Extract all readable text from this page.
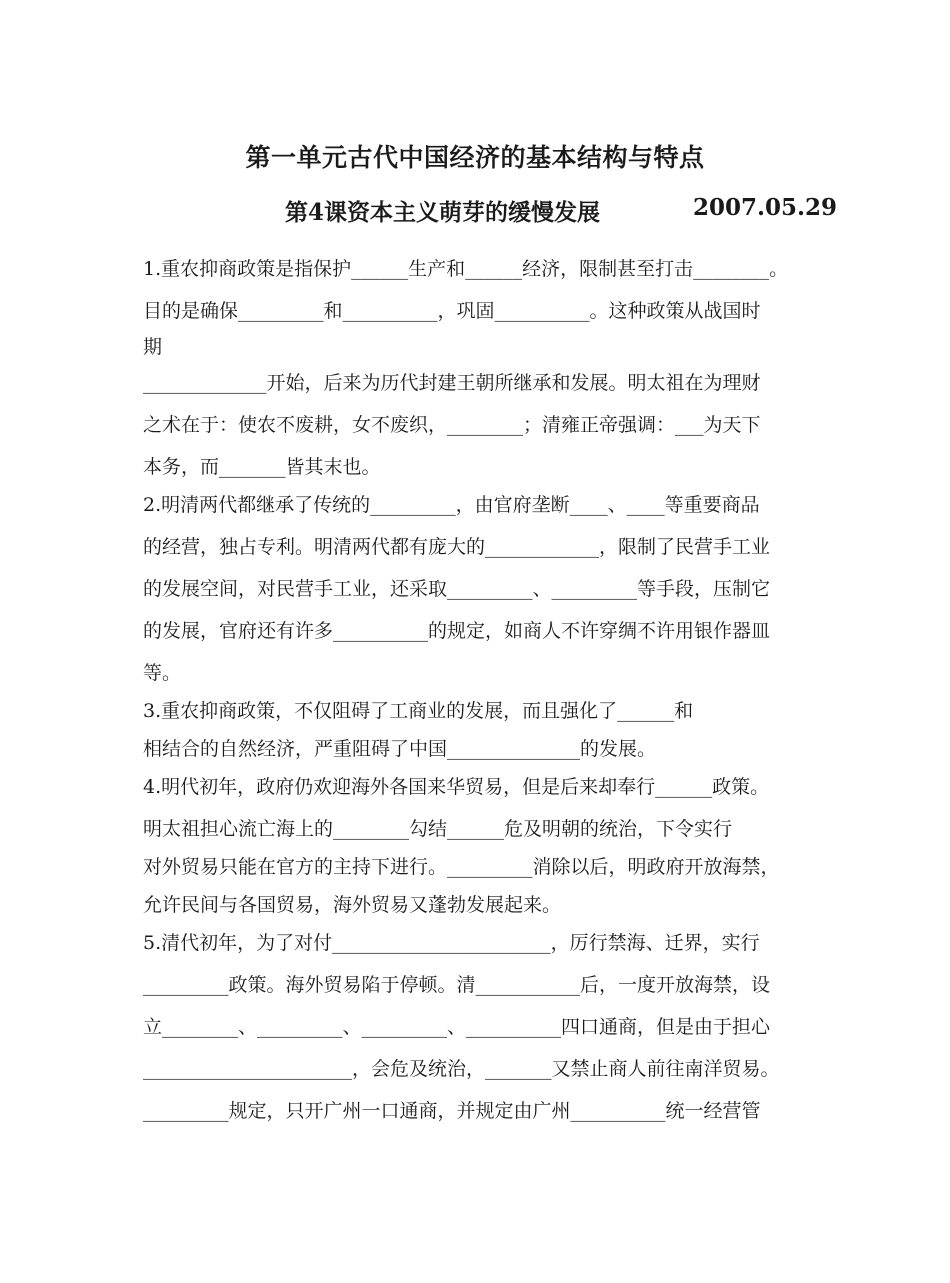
第一单元古代中国经济的基本结构与特点
第4课资本主义萌芽的缓慢发展	2007.05.29
1.重农抑商政策是指保护______生产和______经济，限制甚至打击________。
目的是确保_________和__________，巩固__________。这种政策从战国时
期
_____________开始，后来为历代封建王朝所继承和发展。明太祖在为理财
之术在于：使农不废耕，女不废织，________；清雍正帝强调：___为天下
本务，而_______皆其末也。
2.明清两代都继承了传统的_________，由官府垄断____、____等重要商品
的经营，独占专利。明清两代都有庞大的____________，限制了民营手工业
的发展空间，对民营手工业，还采取_________、_________等手段，压制它
的发展，官府还有许多__________的规定，如商人不许穿绸不许用银作器皿
等。
3.重农抑商政策，不仅阻碍了工商业的发展，而且强化了______和
相结合的自然经济，严重阻碍了中国______________的发展。
4.明代初年，政府仍欢迎海外各国来华贸易，但是后来却奉行______政策。
明太祖担心流亡海上的________勾结______危及明朝的统治，下令实行
对外贸易只能在官方的主持下进行。_________消除以后，明政府开放海禁，
允许民间与各国贸易，海外贸易又蓬勃发展起来。
5.清代初年，为了对付_______________________，厉行禁海、迁界，实行
_________政策。海外贸易陷于停顿。清___________后，一度开放海禁，设
立________、_________、_________、__________四口通商，但是由于担心
______________________，会危及统治，_______又禁止商人前往南洋贸易。
_________规定，只开广州一口通商，并规定由广州__________统一经营管
